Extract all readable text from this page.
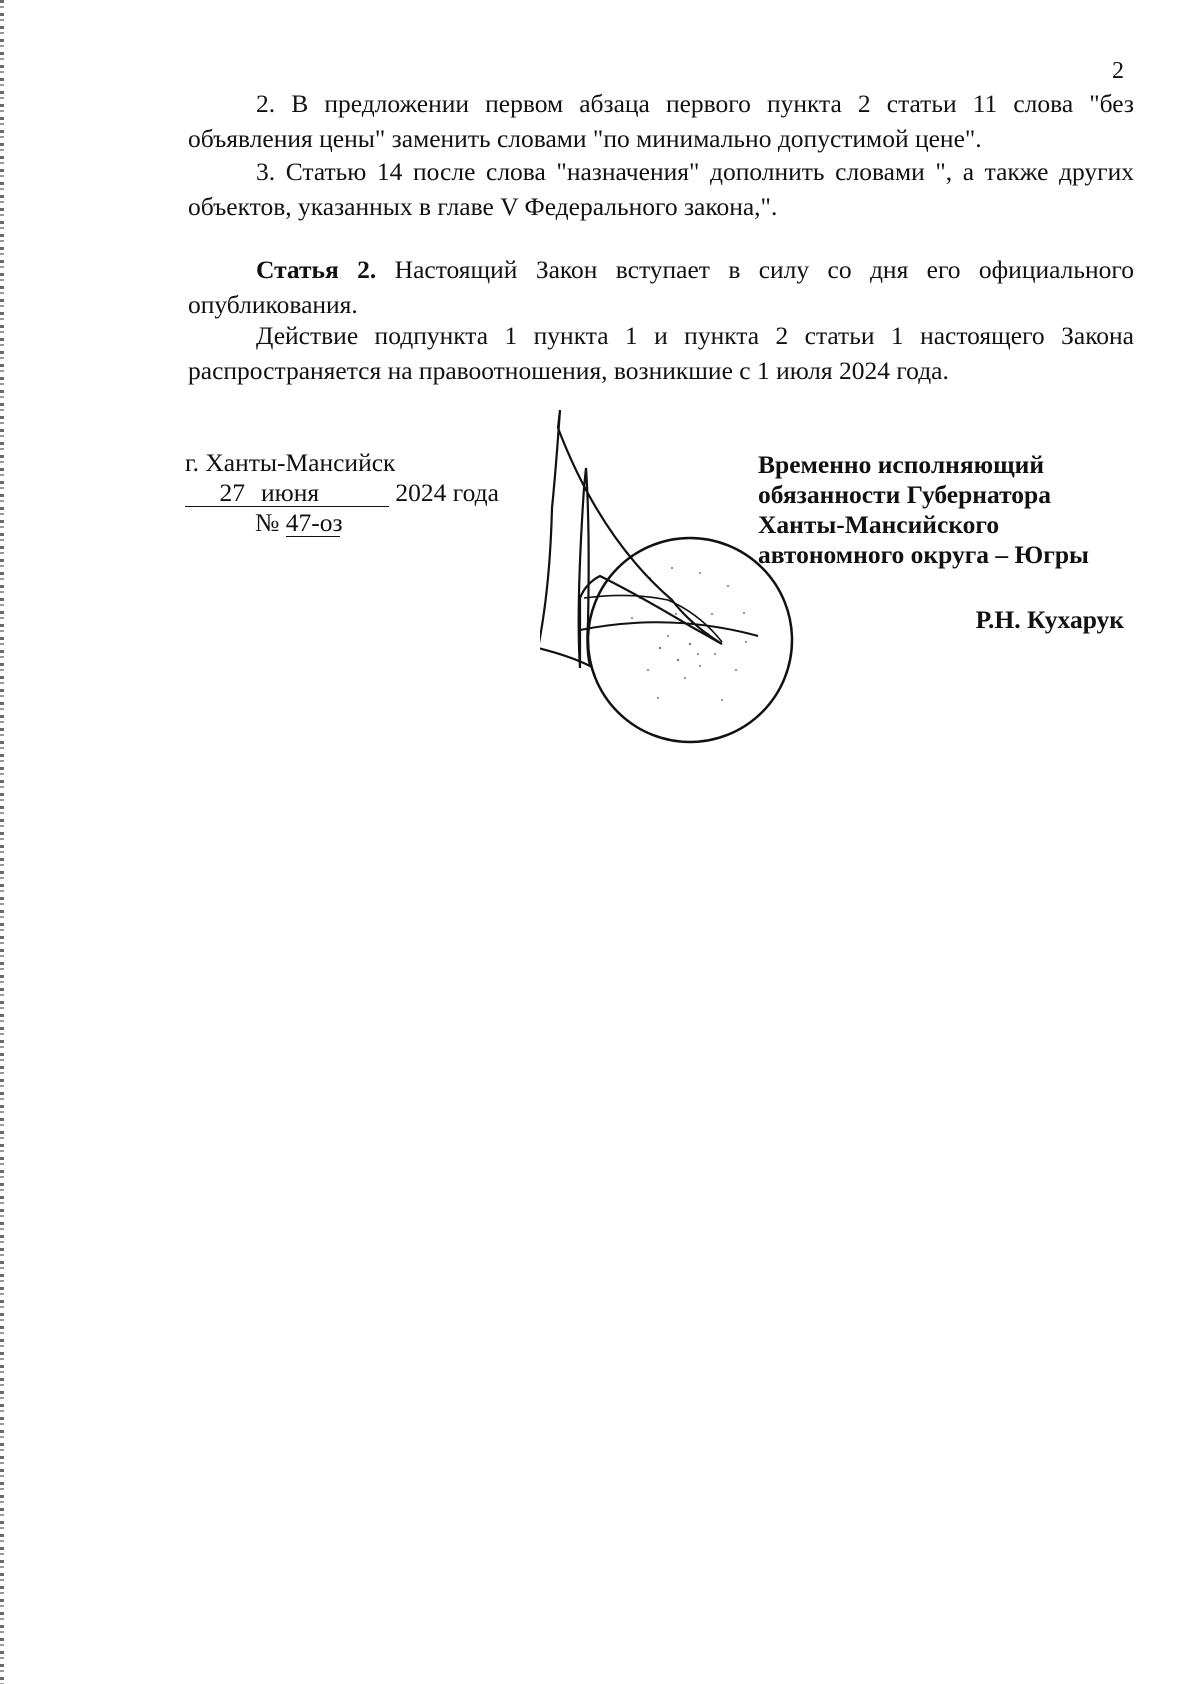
2

2. В предложении первом абзаца первого пункта 2 статьи 11 слова "без объявления цены" заменить словами "по минимально допустимой цене".

3. Статью 14 после слова "назначения" дополнить словами ", а также других объектов, указанных в главе V Федерального закона,".

Статья 2. Настоящий Закон вступает в силу со дня его официального опубликования.

Действие подпункта 1 пункта 1 и пункта 2 статьи 1 настоящего Закона распространяется на правоотношения, возникшие с 1 июля 2024 года.

г. Ханты-Мансийск
27 июня	2024 года
№ 47-оз
Временно исполняющий
обязанности Губернатора
Ханты-Мансийского
автономного округа – Югры
Р.Н. Кухарук
